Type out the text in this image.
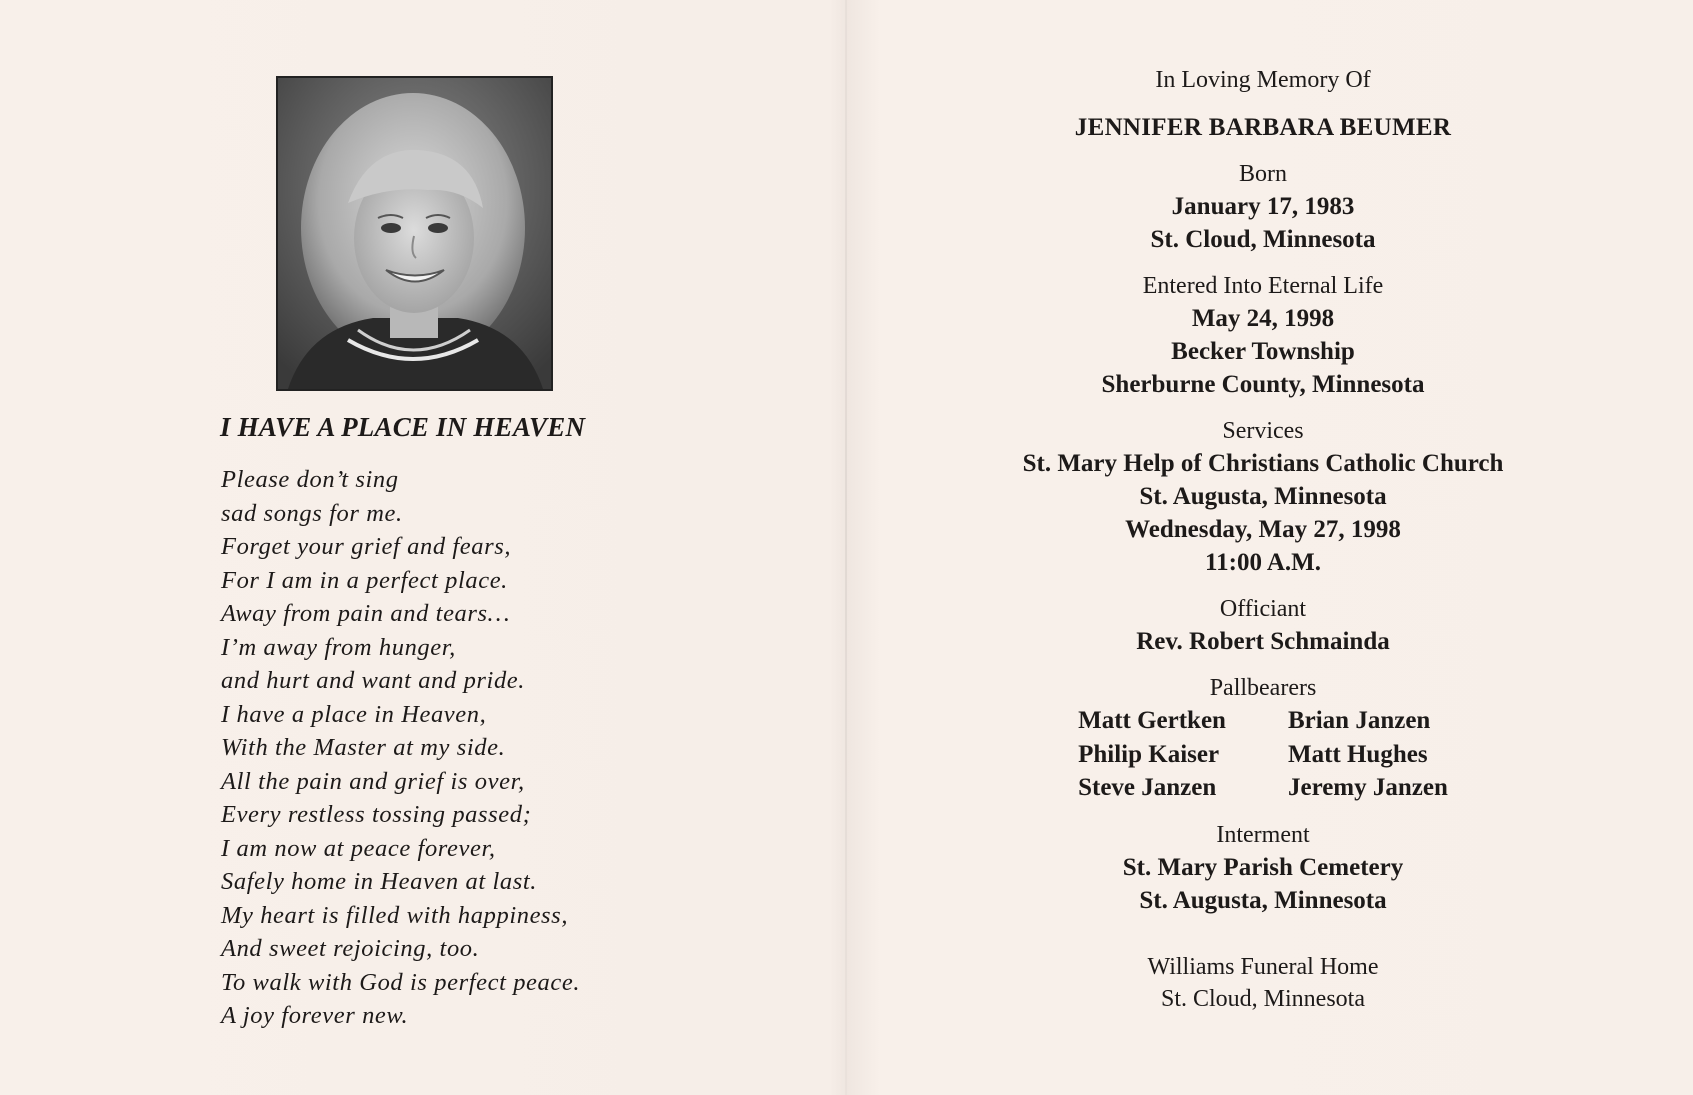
I HAVE A PLACE IN HEAVEN
Please don’t sing
sad songs for me.
Forget your grief and fears,
For I am in a perfect place.
Away from pain and tears…
I’m away from hunger,
and hurt and want and pride.
I have a place in Heaven,
With the Master at my side.
All the pain and grief is over,
Every restless tossing passed;
I am now at peace forever,
Safely home in Heaven at last.
My heart is filled with happiness,
And sweet rejoicing, too.
To walk with God is perfect peace.
A joy forever new.
In Loving Memory Of
JENNIFER BARBARA BEUMER
Born
January 17, 1983
St. Cloud, Minnesota
Entered Into Eternal Life
May 24, 1998
Becker Township
Sherburne County, Minnesota
Services
St. Mary Help of Christians Catholic Church
St. Augusta, Minnesota
Wednesday, May 27, 1998
11:00 A.M.
Officiant
Rev. Robert Schmainda
Pallbearers
Matt Gertken
Philip Kaiser
Steve Janzen
Brian Janzen
Matt Hughes
Jeremy Janzen
Interment
St. Mary Parish Cemetery
St. Augusta, Minnesota
Williams Funeral Home
St. Cloud, Minnesota
